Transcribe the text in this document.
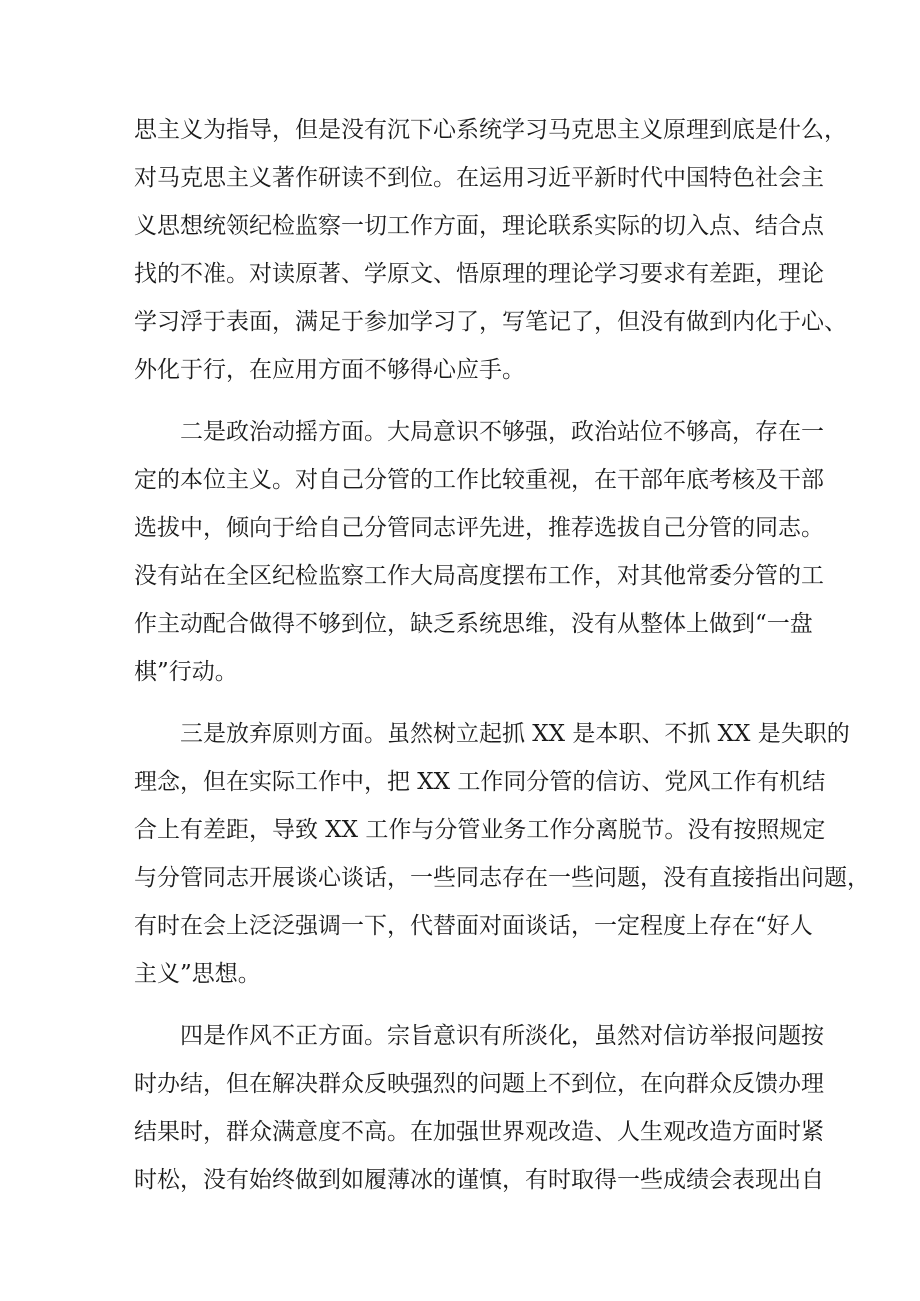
思主义为指导，但是没有沉下心系统学习马克思主义原理到底是什么，
对马克思主义著作研读不到位。在运用习近平新时代中国特色社会主
义思想统领纪检监察一切工作方面，理论联系实际的切入点、结合点
找的不准。对读原著、学原文、悟原理的理论学习要求有差距，理论
学习浮于表面，满足于参加学习了，写笔记了，但没有做到内化于心、
外化于行，在应用方面不够得心应手。
　　二是政治动摇方面。大局意识不够强，政治站位不够高，存在一
定的本位主义。对自己分管的工作比较重视，在干部年底考核及干部
选拔中，倾向于给自己分管同志评先进，推荐选拔自己分管的同志。
没有站在全区纪检监察工作大局高度摆布工作，对其他常委分管的工
作主动配合做得不够到位，缺乏系统思维，没有从整体上做到“一盘
棋”行动。
　　三是放弃原则方面。虽然树立起抓 XX 是本职、不抓 XX 是失职的
理念，但在实际工作中，把 XX 工作同分管的信访、党风工作有机结
合上有差距，导致 XX 工作与分管业务工作分离脱节。没有按照规定
与分管同志开展谈心谈话，一些同志存在一些问题，没有直接指出问题，
有时在会上泛泛强调一下，代替面对面谈话，一定程度上存在“好人
主义”思想。
　　四是作风不正方面。宗旨意识有所淡化，虽然对信访举报问题按
时办结，但在解决群众反映强烈的问题上不到位，在向群众反馈办理
结果时，群众满意度不高。在加强世界观改造、人生观改造方面时紧
时松，没有始终做到如履薄冰的谨慎，有时取得一些成绩会表现出自
